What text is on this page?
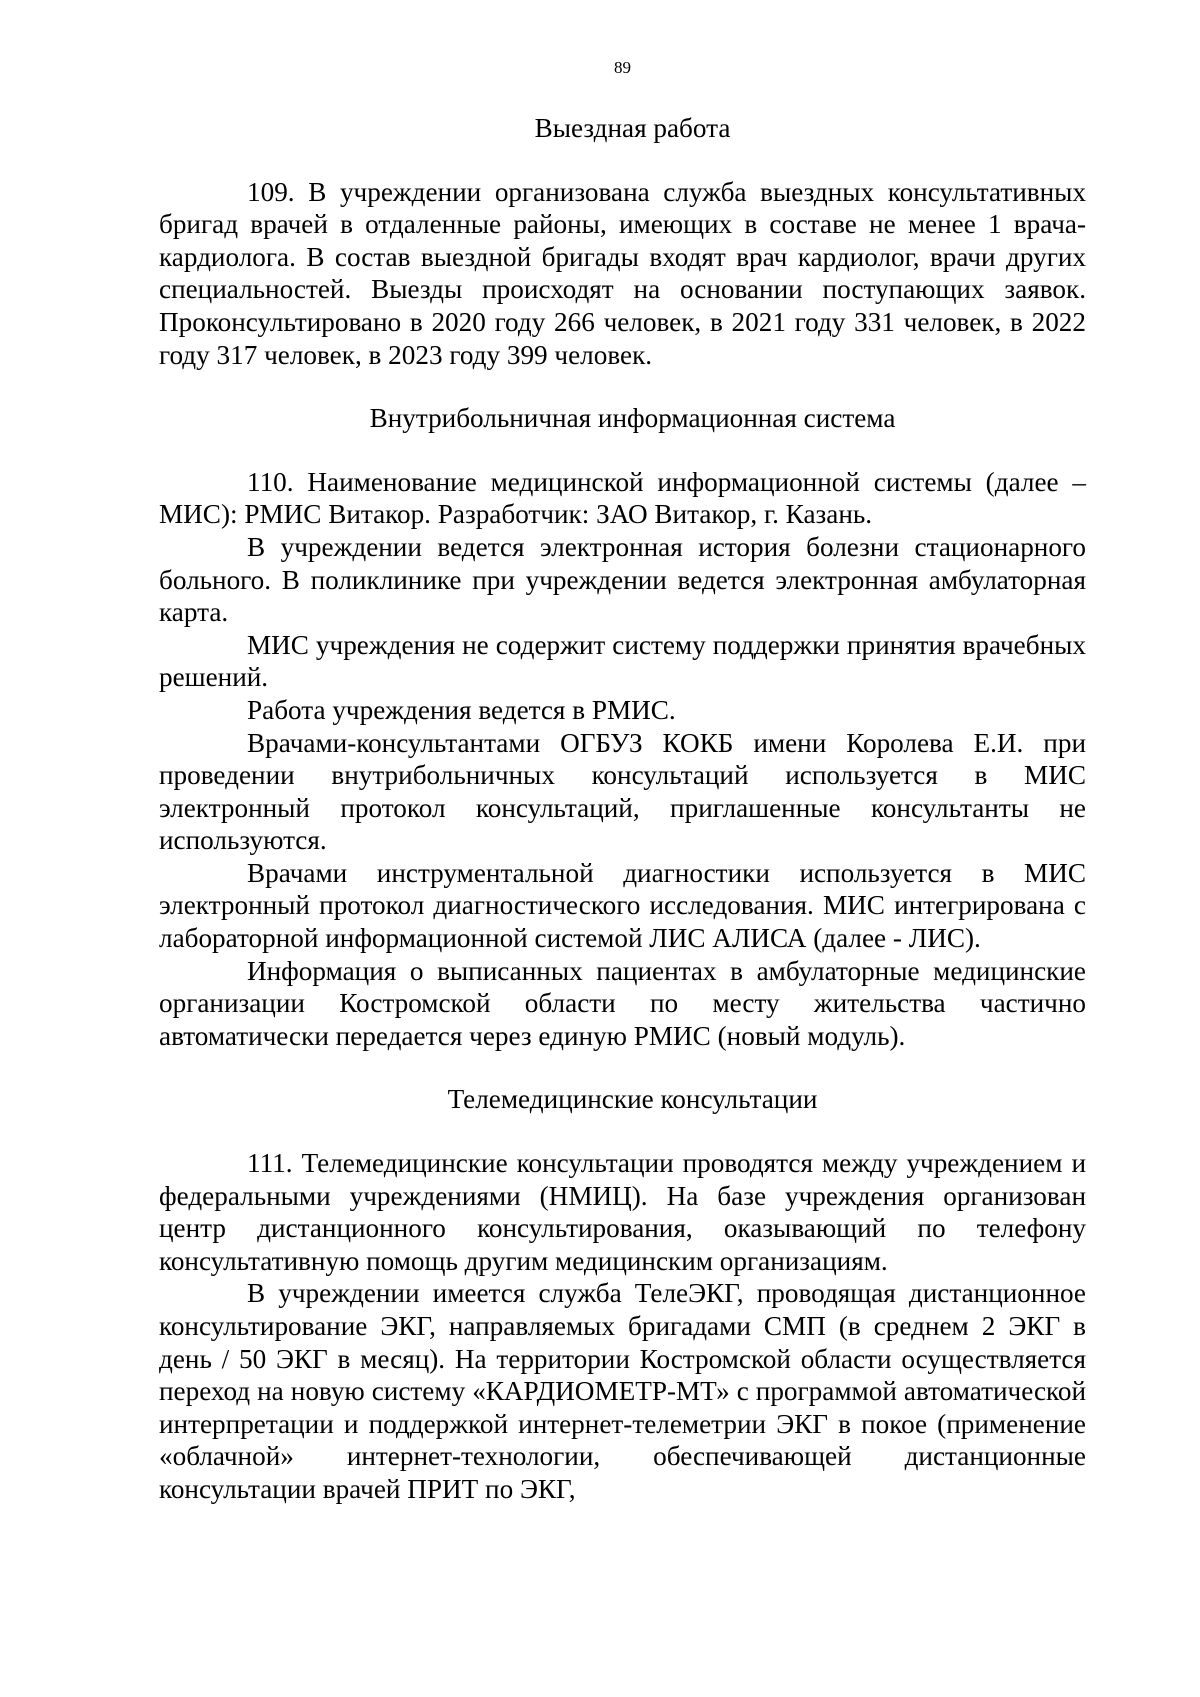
89
Выездная работа

109. В учреждении организована служба выездных консультативных бригад врачей в отдаленные районы, имеющих в составе не менее 1 врача-кардиолога. В состав выездной бригады входят врач кардиолог, врачи других специальностей. Выезды происходят на основании поступающих заявок. Проконсультировано в 2020 году 266 человек, в 2021 году 331 человек, в 2022 году 317 человек, в 2023 году 399 человек.

Внутрибольничная информационная система

110. Наименование медицинской информационной системы (далее – МИС): РМИС Витакор. Разработчик: ЗАО Витакор, г. Казань.

В учреждении ведется электронная история болезни стационарного больного. В поликлинике при учреждении ведется электронная амбулаторная карта.

МИС учреждения не содержит систему поддержки принятия врачебных решений.

Работа учреждения ведется в РМИС.

Врачами-консультантами ОГБУЗ КОКБ имени Королева Е.И. при проведении внутрибольничных консультаций используется в МИС электронный протокол консультаций, приглашенные консультанты не используются.

Врачами инструментальной диагностики используется в МИС электронный протокол диагностического исследования. МИС интегрирована с лабораторной информационной системой ЛИС АЛИСА (далее - ЛИС).

Информация о выписанных пациентах в амбулаторные медицинские организации Костромской области по месту жительства частично автоматически передается через единую РМИС (новый модуль).

Телемедицинские консультации

111. Телемедицинские консультации проводятся между учреждением и федеральными учреждениями (НМИЦ). На базе учреждения организован центр дистанционного консультирования, оказывающий по телефону консультативную помощь другим медицинским организациям.

В учреждении имеется служба ТелеЭКГ, проводящая дистанционное консультирование ЭКГ, направляемых бригадами СМП (в среднем 2 ЭКГ в день / 50 ЭКГ в месяц). На территории Костромской области осуществляется переход на новую систему «КАРДИОМЕТР-МТ» с программой автоматической интерпретации и поддержкой интернет-телеметрии ЭКГ в покое (применение «облачной» интернет-технологии, обеспечивающей дистанционные консультации врачей ПРИТ по ЭКГ,
